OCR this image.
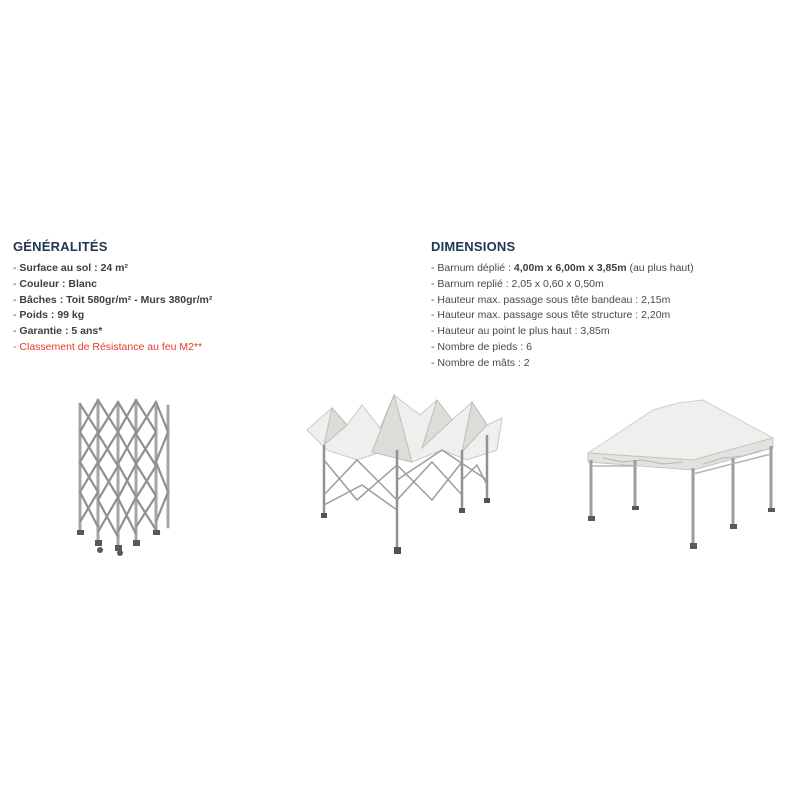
GÉNÉRALITÉS
- Surface au sol : 24 m²
- Couleur : Blanc
- Bâches : Toit 580gr/m² - Murs 380gr/m²
- Poids : 99 kg
- Garantie : 5 ans*
- Classement de Résistance au feu M2**
DIMENSIONS
- Barnum déplié : 4,00m x 6,00m x 3,85m (au plus haut)
- Barnum replié : 2,05 x 0,60 x 0,50m
- Hauteur max. passage sous tête bandeau : 2,15m
- Hauteur max. passage sous tête structure : 2,20m
- Hauteur au point le plus haut : 3,85m
- Nombre de pieds : 6
- Nombre de mâts : 2
